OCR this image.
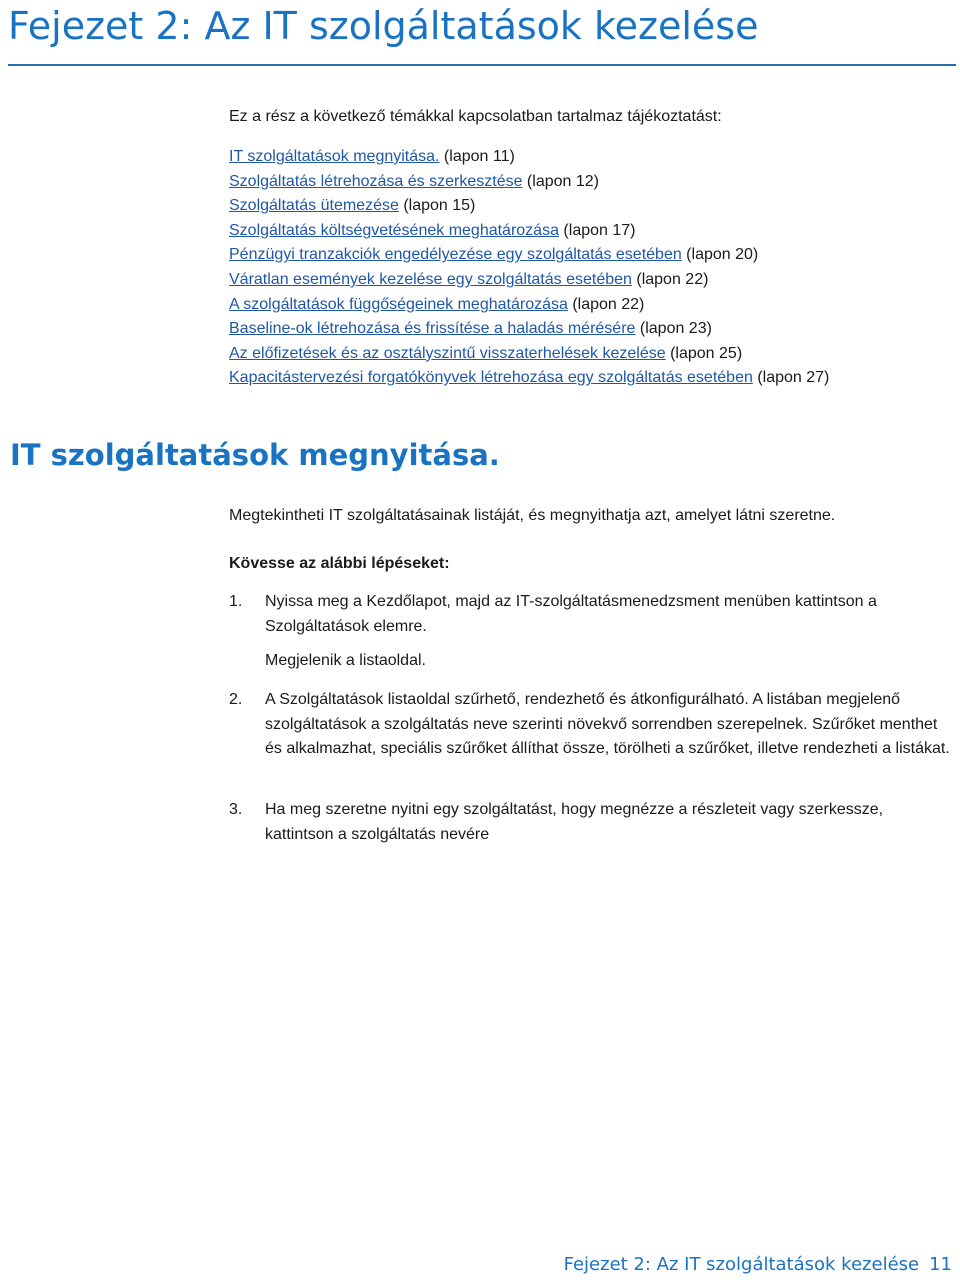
Fejezet 2: Az IT szolgáltatások kezelése

Ez a rész a következő témákkal kapcsolatban tartalmaz tájékoztatást:

IT szolgáltatások megnyitása. (lapon 11)
Szolgáltatás létrehozása és szerkesztése (lapon 12)
Szolgáltatás ütemezése (lapon 15)
Szolgáltatás költségvetésének meghatározása (lapon 17)
Pénzügyi tranzakciók engedélyezése egy szolgáltatás esetében (lapon 20)
Váratlan események kezelése egy szolgáltatás esetében (lapon 22)
A szolgáltatások függőségeinek meghatározása (lapon 22)
Baseline-ok létrehozása és frissítése a haladás mérésére (lapon 23)
Az előfizetések és az osztályszintű visszaterhelések kezelése (lapon 25)
Kapacitástervezési forgatókönyvek létrehozása egy szolgáltatás esetében (lapon 27)
IT szolgáltatások megnyitása.

Megtekintheti IT szolgáltatásainak listáját, és megnyithatja azt, amelyet látni szeretne.

Kövesse az alábbi lépéseket:

1. Nyissa meg a Kezdőlapot, majd az IT-szolgáltatásmenedzsment menüben kattintson a Szolgáltatások elemre.
Megjelenik a listaoldal.
2. A Szolgáltatások listaoldal szűrhető, rendezhető és átkonfigurálható. A listában megjelenő szolgáltatások a szolgáltatás neve szerinti növekvő sorrendben szerepelnek. Szűrőket menthet és alkalmazhat, speciális szűrőket állíthat össze, törölheti a szűrőket, illetve rendezheti a listákat.
3. Ha meg szeretne nyitni egy szolgáltatást, hogy megnézze a részleteit vagy szerkessze, kattintson a szolgáltatás nevére
Fejezet 2: Az IT szolgáltatások kezelése 11
